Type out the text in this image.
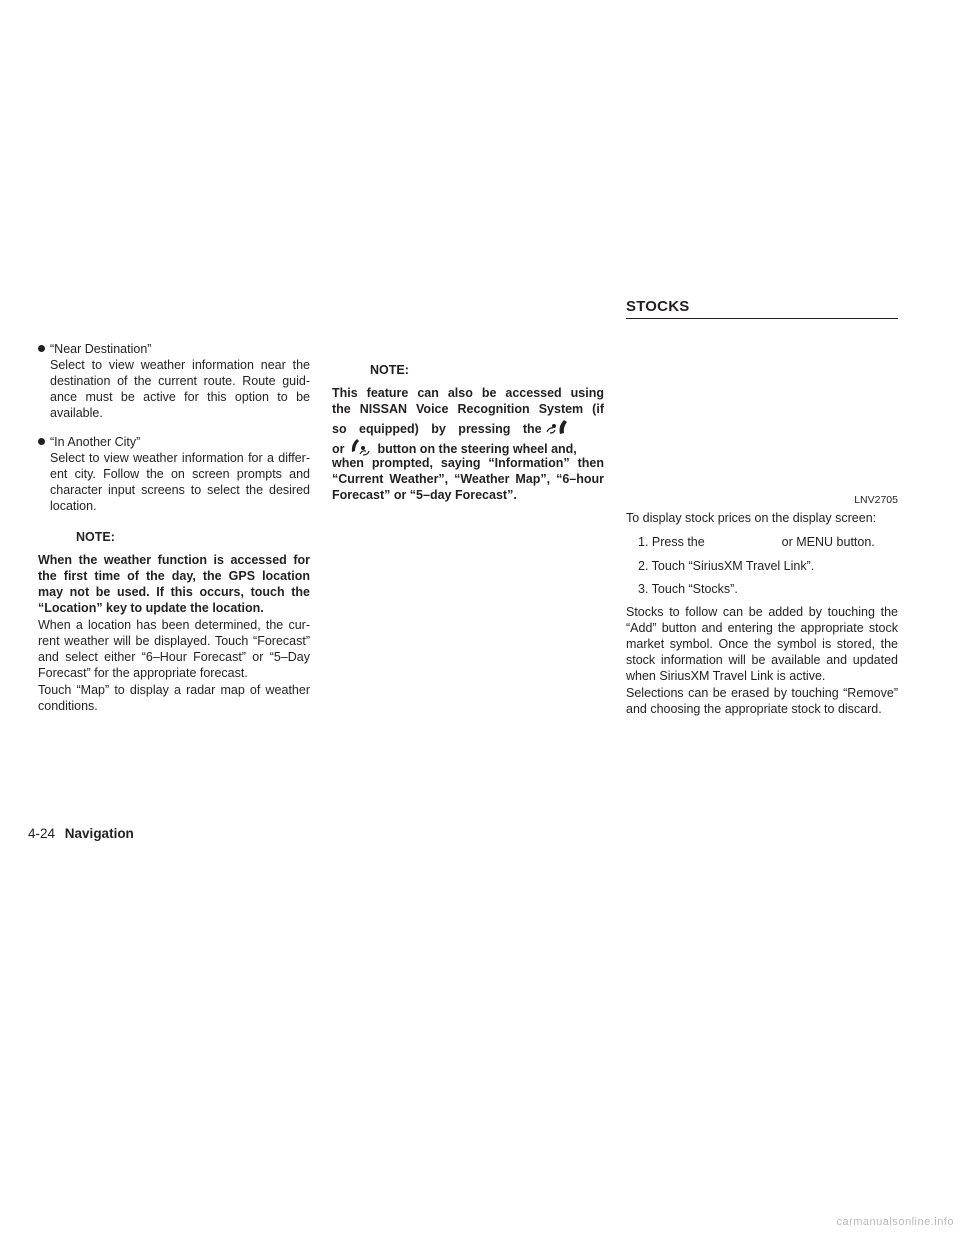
“Near Destination”

Select to view weather information near the destination of the current route. Route guid-ance must be active for this option to be available.

“In Another City”

Select to view weather information for a differ-ent city. Follow the on screen prompts and character input screens to select the desired location.

NOTE:

When the weather function is accessed for the first time of the day, the GPS location may not be used. If this occurs, touch the “Location” key to update the location.

When a location has been determined, the cur-rent weather will be displayed. Touch “Forecast” and select either “6–Hour Forecast” or “5–Day Forecast” for the appropriate forecast.

Touch “Map” to display a radar map of weather conditions.

NOTE:

This feature can also be accessed using

the NISSAN Voice Recognition System (if

so equipped) by pressing the
or	button on the steering wheel and,

when prompted, saying “Information” then “Current Weather”, “Weather Map”, “6–hour Forecast” or “5–day Forecast”.

STOCKS
LNV2705

To display stock prices on the display screen:

1. Press the	or MENU button.

2. Touch “SiriusXM Travel Link”.

3. Touch “Stocks”.

Stocks to follow can be added by touching the “Add” button and entering the appropriate stock market symbol. Once the symbol is stored, the stock information will be available and updated when SiriusXM Travel Link is active.

Selections can be erased by touching “Remove” and choosing the appropriate stock to discard.

4-24 Navigation
carmanualsonline.info
